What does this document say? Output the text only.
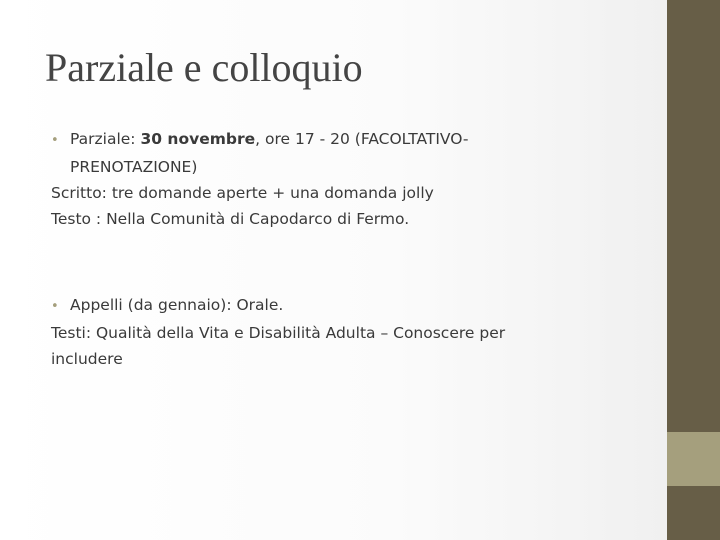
Parziale e colloquio
• Parziale: 30 novembre, ore 17 - 20 (FACOLTATIVO-
PRENOTAZIONE)
Scritto: tre domande aperte + una domanda jolly
Testo : Nella Comunità di Capodarco di Fermo.
• Appelli (da gennaio): Orale.
Testi: Qualità della Vita e Disabilità Adulta – Conoscere per
includere
